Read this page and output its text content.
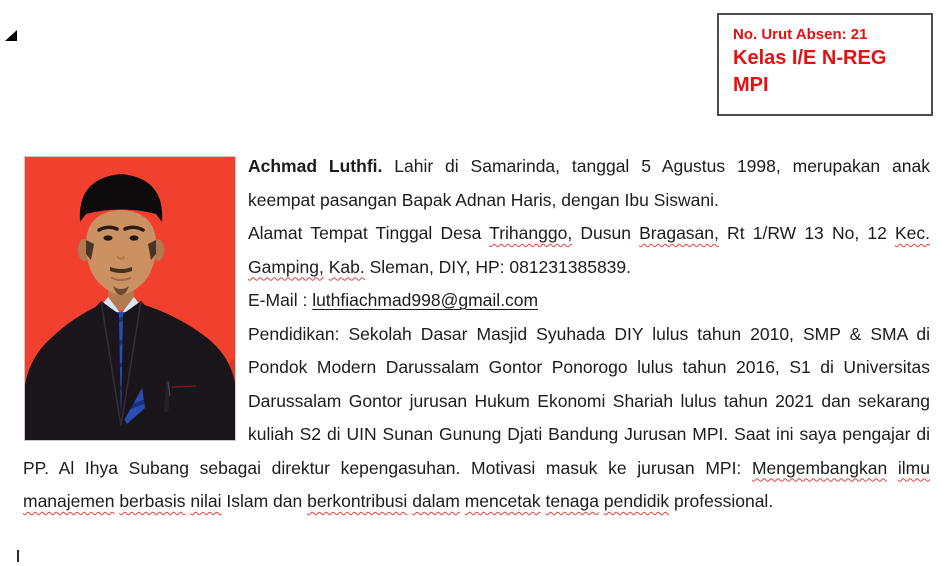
No. Urut Absen: 21
Kelas I/E N-REG
MPI

Achmad Luthfi. Lahir di Samarinda, tanggal 5 Agustus 1998, merupakan anak keempat pasangan Bapak Adnan Haris, dengan Ibu Siswani.

Alamat Tempat Tinggal Desa Trihanggo, Dusun Bragasan, Rt 1/RW 13 No, 12 Kec. Gamping, Kab. Sleman, DIY, HP: 081231385839.

E-Mail : luthfiachmad998@gmail.com

Pendidikan: Sekolah Dasar Masjid Syuhada DIY lulus tahun 2010, SMP & SMA di Pondok Modern Darussalam Gontor Ponorogo lulus tahun 2016, S1 di Universitas Darussalam Gontor jurusan Hukum Ekonomi Shariah lulus tahun 2021 dan sekarang kuliah S2 di UIN Sunan Gunung Djati Bandung Jurusan MPI. Saat ini saya pengajar di PP. Al Ihya Subang sebagai direktur kepengasuhan. Motivasi masuk ke jurusan MPI: Mengembangkan ilmu manajemen berbasis nilai Islam dan berkontribusi dalam mencetak tenaga pendidik professional.
